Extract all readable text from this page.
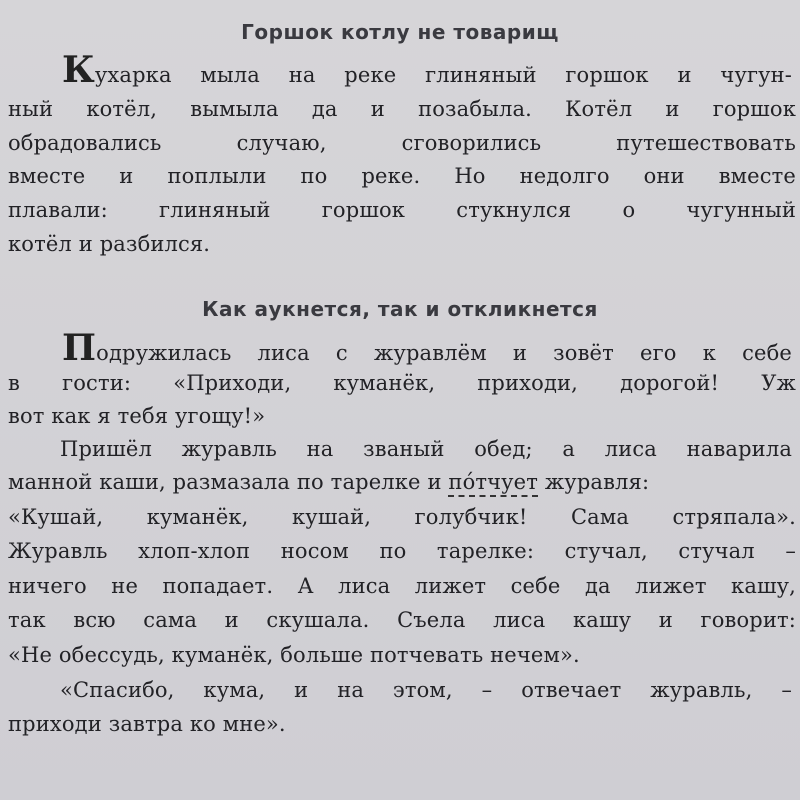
Горшок котлу не товарищ
Кухарка мыла на реке глиняный горшок и чугун-
ный котёл, вымыла да и позабыла. Котёл и горшок
обрадовались случаю, сговорились путешествовать
вместе и поплыли по реке. Но недолго они вместе
плавали: глиняный горшок стукнулся о чугунный
котёл и разбился.
Как аукнется, так и откликнется
Подружилась лиса с журавлём и зовёт его к себе
в гости: «Приходи, куманёк, приходи, дорогой! Уж
вот как я тебя угощу!»
Пришёл журавль на званый обед; а лиса наварила
манной каши, размазала по тарелке и пóтчует журавля:
«Кушай, куманёк, кушай, голубчик! Сама стряпала».
Журавль хлоп-хлоп носом по тарелке: стучал, стучал –
ничего не попадает. А лиса лижет себе да лижет кашу,
так всю сама и скушала. Съела лиса кашу и говорит:
«Не обессудь, куманёк, больше потчевать нечем».
«Спасибо, кума, и на этом, – отвечает журавль, –
приходи завтра ко мне».
